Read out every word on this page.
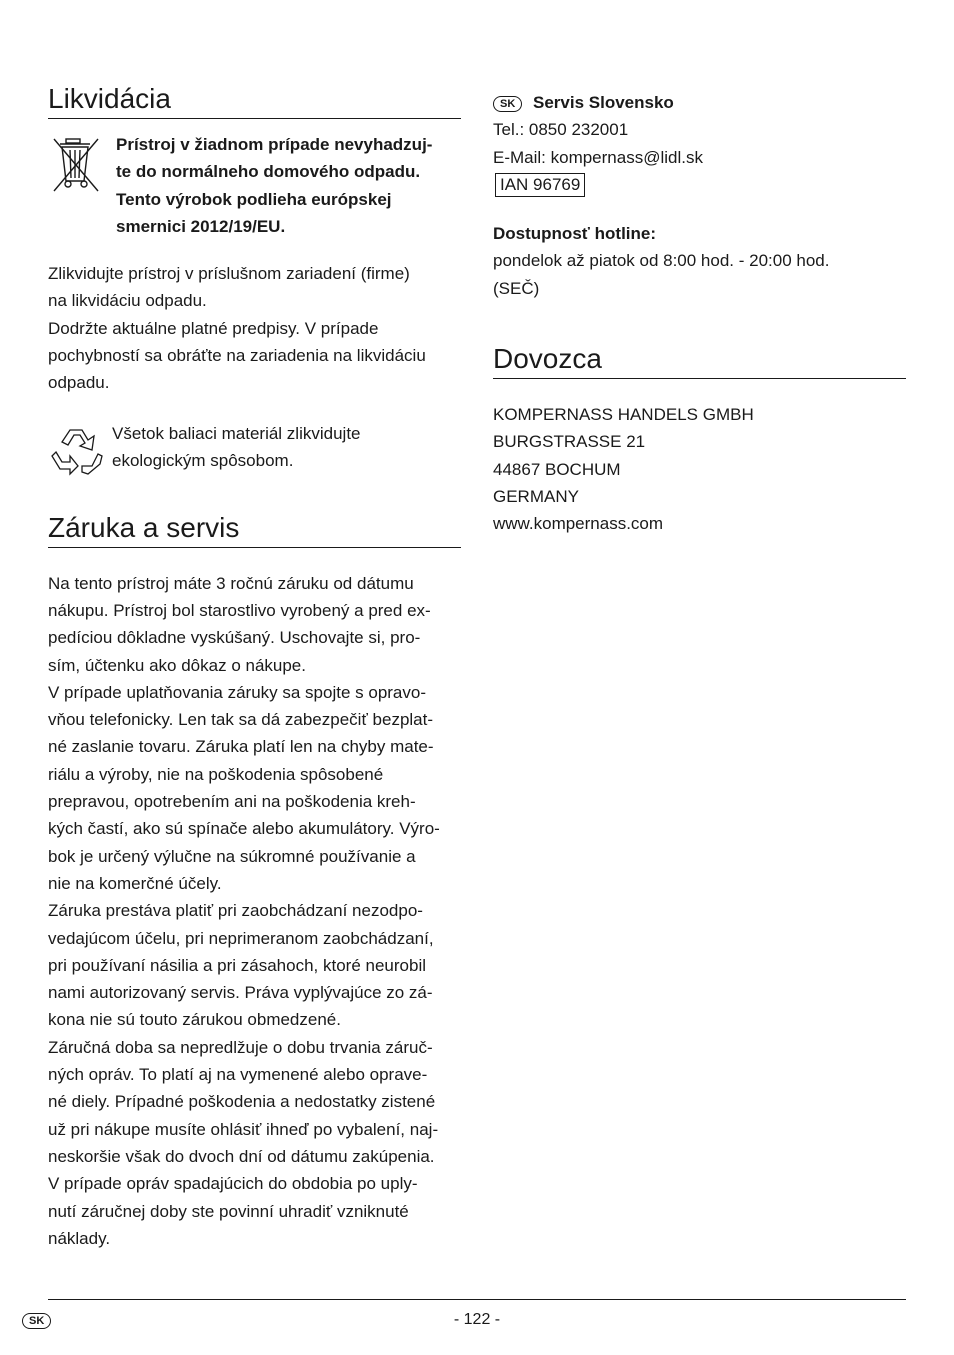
Likvidácia
Prístroj v žiadnom prípade nevyhadzuj-
te do normálneho domového odpadu.
Tento výrobok podlieha európskej
smernici 2012/19/EU.

Zlikvidujte prístroj v príslušnom zariadení (firme)

na likvidáciu odpadu.

Dodržte aktuálne platné predpisy. V prípade

pochybností sa obráťte na zariadenia na likvidáciu

odpadu.

Všetok baliaci materiál zlikvidujte

ekologickým spôsobom.

Záruka a servis

Na tento prístroj máte 3 ročnú záruku od dátumu

nákupu. Prístroj bol starostlivo vyrobený a pred ex-

pedíciou dôkladne vyskúšaný. Uschovajte si, pro-

sím, účtenku ako dôkaz o nákupe.

V prípade uplatňovania záruky sa spojte s opravo-

vňou telefonicky. Len tak sa dá zabezpečiť bezplat-

né zaslanie tovaru. Záruka platí len na chyby mate-

riálu a výroby, nie na poškodenia spôsobené

prepravou, opotrebením ani na poškodenia kreh-

kých častí, ako sú spínače alebo akumulátory. Výro-

bok je určený výlučne na súkromné používanie a

nie na komerčné účely.

Záruka prestáva platiť pri zaobchádzaní nezodpo-

vedajúcom účelu, pri neprimeranom zaobchádzaní,

pri používaní násilia a pri zásahoch, ktoré neurobil

nami autorizovaný servis. Práva vyplývajúce zo zá-

kona nie sú touto zárukou obmedzené.

Záručná doba sa nepredlžuje o dobu trvania záruč-

ných opráv. To platí aj na vymenené alebo oprave-

né diely. Prípadné poškodenia a nedostatky zistené

už pri nákupe musíte ohlásiť ihneď po vybalení, naj-

neskoršie však do dvoch dní od dátumu zakúpenia.

V prípade opráv spadajúcich do obdobia po uply-

nutí záručnej doby ste povinní uhradiť vzniknuté

náklady.

SK Servis Slovensko

Tel.: 0850 232001

E-Mail: kompernass@lidl.sk

IAN 96769

Dostupnosť hotline:

pondelok až piatok od 8:00 hod. - 20:00 hod.

(SEČ)

Dovozca

KOMPERNASS HANDELS GMBH

BURGSTRASSE 21

44867 BOCHUM

GERMANY

www.kompernass.com

SK	- 122 -
